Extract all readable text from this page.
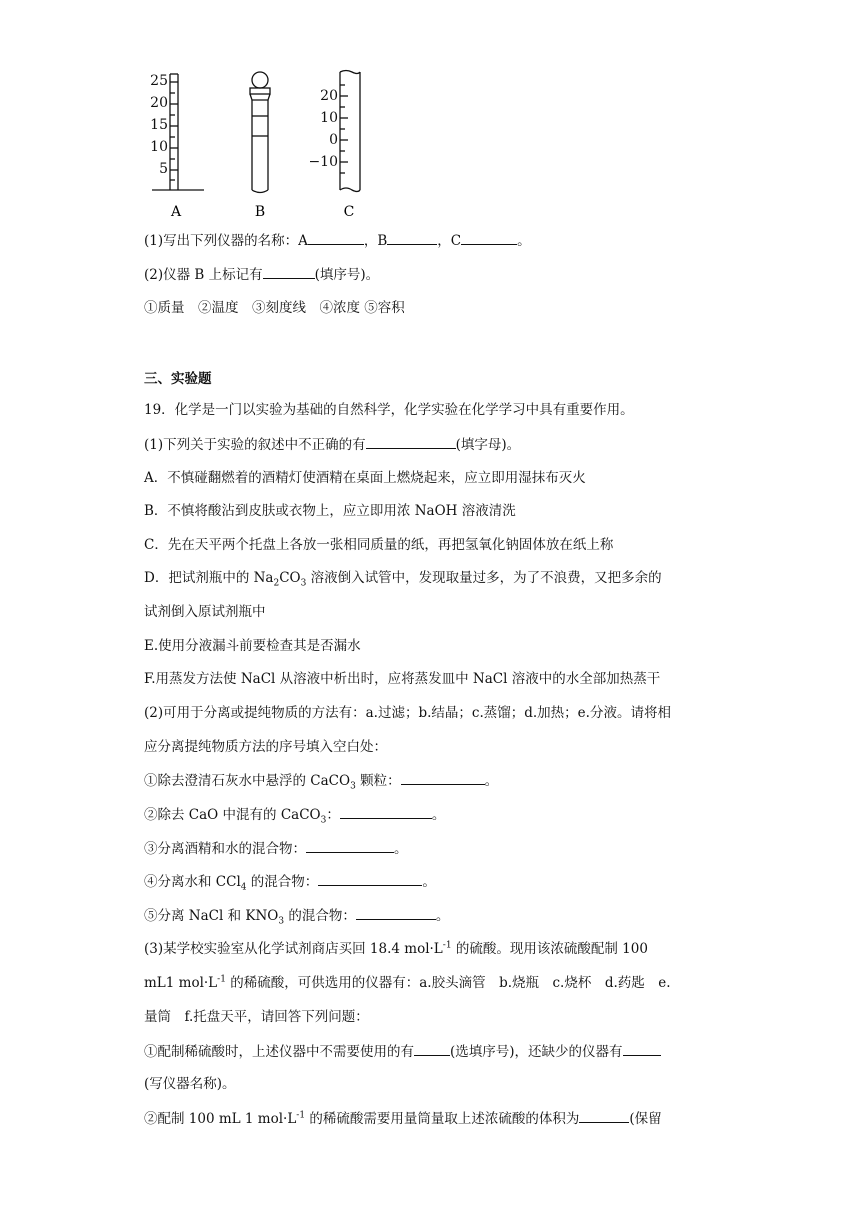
25
20
15
10
5
A	B
20
10
0
−10
C
(1)写出下列仪器的名称：A	，B	，C	。
(2)仪器 B 上标记有	(填序号)。
①质量　②温度　③刻度线　④浓度 ⑤容积
三、实验题
19．化学是一门以实验为基础的自然科学，化学实验在化学学习中具有重要作用。
(1)下列关于实验的叙述中不正确的有	(填字母)。
A．不慎碰翻燃着的酒精灯使酒精在桌面上燃烧起来，应立即用湿抹布灭火
B．不慎将酸沾到皮肤或衣物上，应立即用浓 NaOH 溶液清洗
C．先在天平两个托盘上各放一张相同质量的纸，再把氢氧化钠固体放在纸上称
D．把试剂瓶中的 $Na_2CO_3$ 溶液倒入试管中，发现取量过多，为了不浪费，又把多余的
试剂倒入原试剂瓶中
E.使用分液漏斗前要检查其是否漏水
F.用蒸发方法使 NaCl 从溶液中析出时，应将蒸发皿中 NaCl 溶液中的水全部加热蒸干
(2)可用于分离或提纯物质的方法有：a.过滤；b.结晶；c.蒸馏；d.加热；e.分液。请将相
应分离提纯物质方法的序号填入空白处：
①除去澄清石灰水中悬浮的 CaCO$_3$ 颗粒：	。
②除去 CaO 中混有的 CaCO$_3$：	。
③分离酒精和水的混合物：	。
④分离水和 CCl$_4$ 的混合物：	。
⑤分离 NaCl 和 $KNO_3$ 的混合物：	。
(3)某学校实验室从化学试剂商店买回 18.4 $mol\cdot L^{-1}$ 的硫酸。现用该浓硫酸配制 100
mL1 $mol\cdot L^{-1}$ 的稀硫酸，可供选用的仪器有：a.胶头滴管　b.烧瓶　c.烧杯　d.药匙　e.
量筒　f.托盘天平，请回答下列问题：
①配制稀硫酸时，上述仪器中不需要使用的有	(选填序号)，还缺少的仪器有
(写仪器名称)。
②配制 100 mL 1 $mol\cdot L^{-1}$ 的稀硫酸需要用量筒量取上述浓硫酸的体积为	(保留
